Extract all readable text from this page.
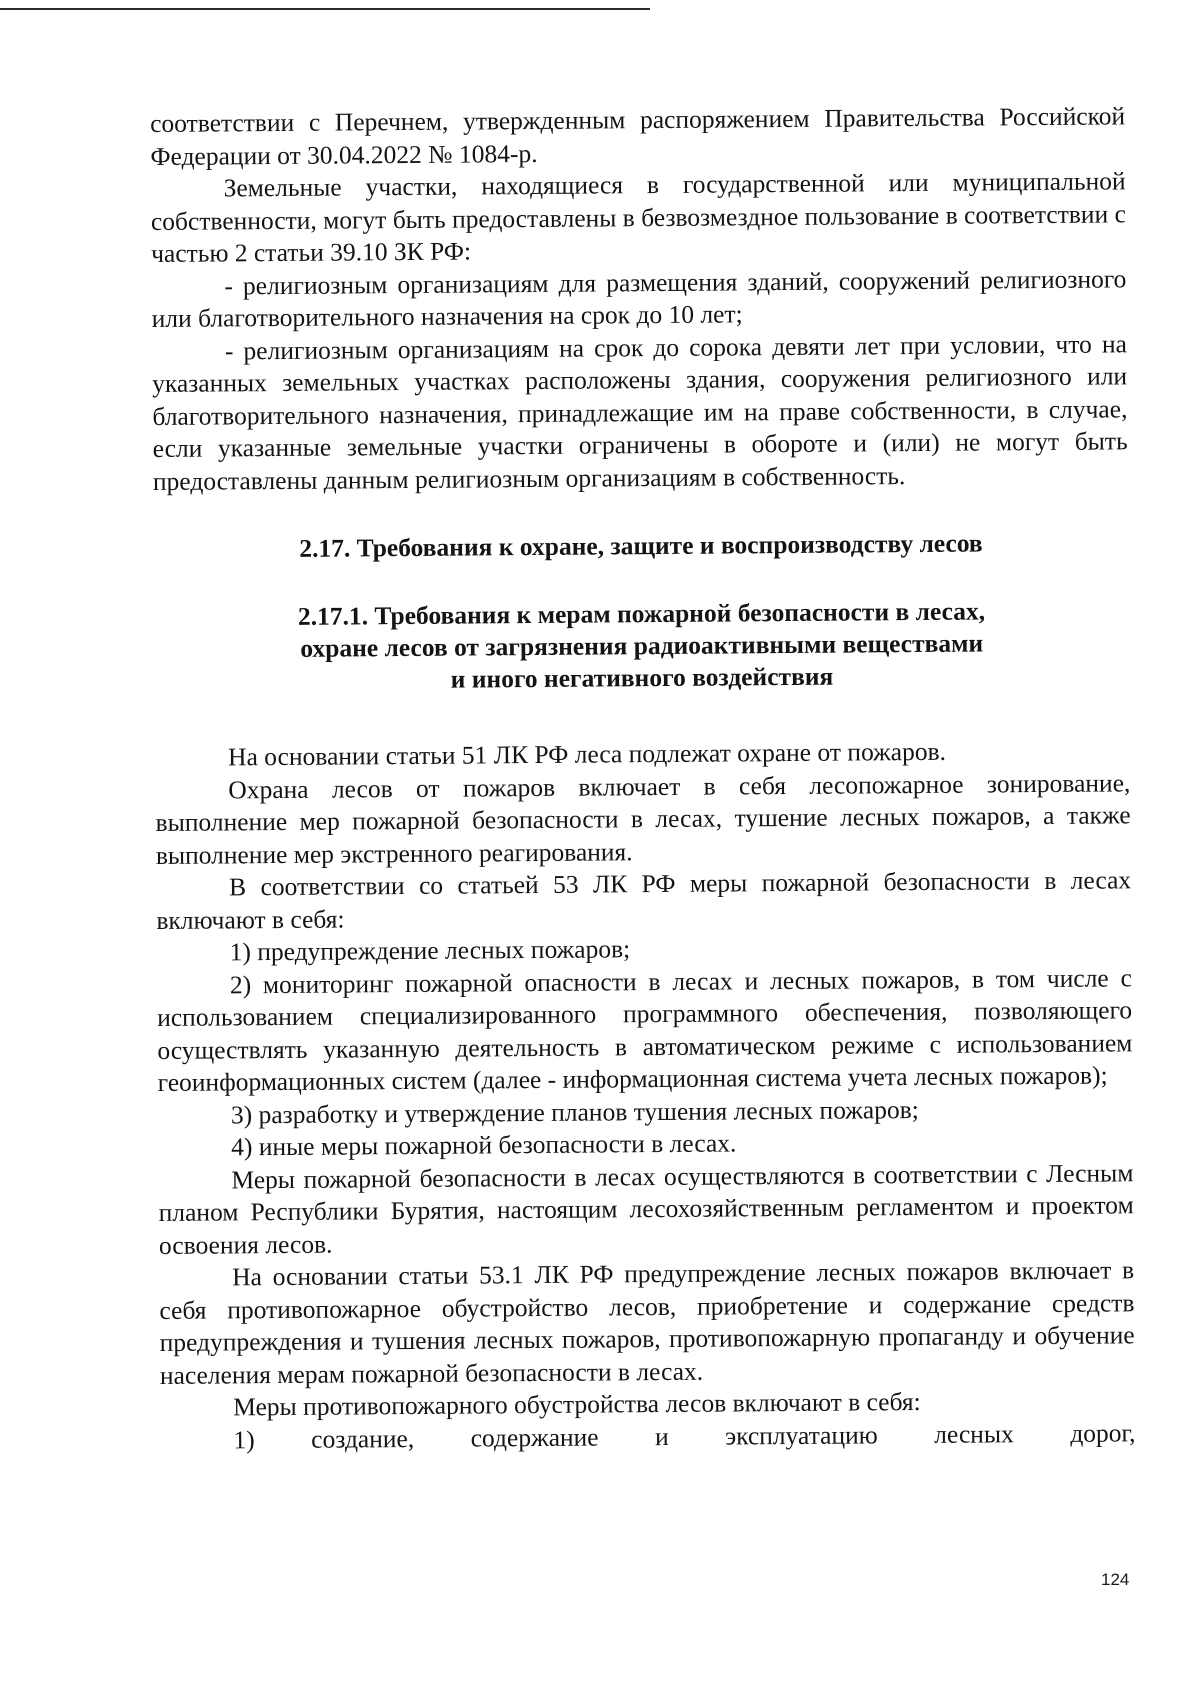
соответствии с Перечнем, утвержденным распоряжением Правительства Российской Федерации от 30.04.2022 № 1084-р.

Земельные участки, находящиеся в государственной или муниципальной собственности, могут быть предоставлены в безвозмездное пользование в соответствии с частью 2 статьи 39.10 ЗК РФ:

- религиозным организациям для размещения зданий, сооружений религиозного или благотворительного назначения на срок до 10 лет;

- религиозным организациям на срок до сорока девяти лет при условии, что на указанных земельных участках расположены здания, сооружения религиозного или благотворительного назначения, принадлежащие им на праве собственности, в случае, если указанные земельные участки ограничены в обороте и (или) не могут быть предоставлены данным религиозным организациям в собственность.

2.17. Требования к охране, защите и воспроизводству лесов
2.17.1. Требования к мерам пожарной безопасности в лесах,
охране лесов от загрязнения радиоактивными веществами
и иного негативного воздействия

На основании статьи 51 ЛК РФ леса подлежат охране от пожаров.

Охрана лесов от пожаров включает в себя лесопожарное зонирование, выполнение мер пожарной безопасности в лесах, тушение лесных пожаров, а также выполнение мер экстренного реагирования.

В соответствии со статьей 53 ЛК РФ меры пожарной безопасности в лесах включают в себя:

1) предупреждение лесных пожаров;

2) мониторинг пожарной опасности в лесах и лесных пожаров, в том числе с использованием специализированного программного обеспечения, позволяющего осуществлять указанную деятельность в автоматическом режиме с использованием геоинформационных систем (далее - информационная система учета лесных пожаров);

3) разработку и утверждение планов тушения лесных пожаров;

4) иные меры пожарной безопасности в лесах.

Меры пожарной безопасности в лесах осуществляются в соответствии с Лесным планом Республики Бурятия, настоящим лесохозяйственным регламентом и проектом освоения лесов.

На основании статьи 53.1 ЛК РФ предупреждение лесных пожаров включает в себя противопожарное обустройство лесов, приобретение и содержание средств предупреждения и тушения лесных пожаров, противопожарную пропаганду и обучение населения мерам пожарной безопасности в лесах.

Меры противопожарного обустройства лесов включают в себя:

1) создание, содержание и эксплуатацию лесных дорог,

124
